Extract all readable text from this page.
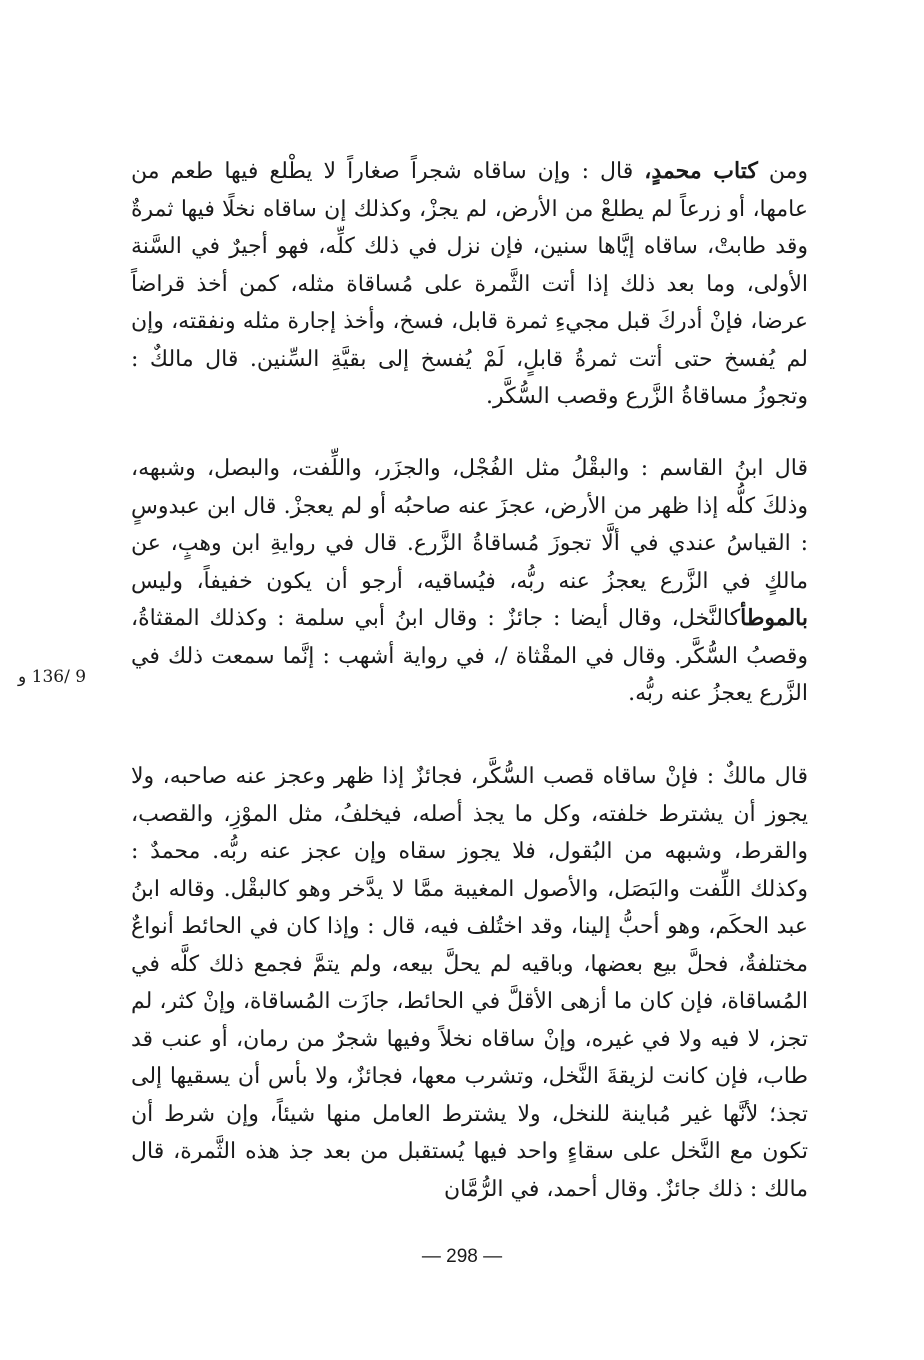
ومن كتاب محمدٍ، قال : وإن ساقاه شجراً صغاراً لا يطْلع فيها طعم من عامها، أو زرعاً لم يطلعْ من الأرض، لم يجزْ، وكذلك إن ساقاه نخلًا فيها ثمرةٌ وقد طابتْ، ساقاه إيَّاها سنين، فإن نزل في ذلك كلِّه، فهو أجيرٌ في السَّنة الأولى، وما بعد ذلك إذا أتت الثَّمرة على مُساقاة مثله، كمن أخذ قراضاً عرضا، فإنْ أدركَ قبل مجيءِ ثمرة قابل، فسخ، وأخذ إجارة مثله ونفقته، وإن لم يُفسخ حتى أتت ثمرةُ قابلٍ، لَمْ يُفسخ إلى بقيَّةِ السِّنين. قال مالكٌ : وتجوزُ مساقاةُ الزَّرع وقصب السُّكَّر.

قال ابنُ القاسم : والبقْلُ مثل الفُجْل، والجزَر، واللِّفت، والبصل، وشبهه، وذلكَ كلُّه إذا ظهر من الأرض، عجزَ عنه صاحبُه أو لم يعجزْ. قال ابن عبدوسٍ : القياسُ عندي في ألَّا تجوزَ مُساقاةُ الزَّرع. قال في روايةِ ابن وهبٍ، عن مالكٍ في الزَّرع يعجزُ عنه ربُّه، فيُساقيه، أرجو أن يكون خفيفاً، وليس بالموطأكالنَّخل، وقال أيضا : جائزٌ : وقال ابنُ أبي سلمة : وكذلك المقثاةُ، وقصبُ السُّكَّر. وقال في المقْثاة /، في رواية أشهب : إنَّما سمعت ذلك في الزَّرع يعجزُ عنه ربُّه.

9 /136 و

قال مالكٌ : فإنْ ساقاه قصب السُّكَّر، فجائزٌ إذا ظهر وعجز عنه صاحبه، ولا يجوز أن يشترط خلفته، وكل ما يجذ أصله، فيخلفُ، مثل الموْزِ، والقصب، والقرط، وشبهه من البُقول، فلا يجوز سقاه وإن عجز عنه ربُّه. محمدٌ : وكذلك اللِّفت والبَصَل، والأصول المغيبة ممَّا لا يدَّخر وهو كالبقْل. وقاله ابنُ عبد الحكَم، وهو أحبُّ إلينا، وقد اختُلف فيه، قال : وإذا كان في الحائط أنواعٌ مختلفةٌ، فحلَّ بيع بعضها، وباقيه لم يحلَّ بيعه، ولم يتمَّ فجمع ذلك كلَّه في المُساقاة، فإن كان ما أزهى الأقلَّ في الحائط، جازَت المُساقاة، وإنْ كثر، لم تجز، لا فيه ولا في غيره، وإنْ ساقاه نخلاً وفيها شجرٌ من رمان، أو عنب قد طاب، فإن كانت لزيقةَ النَّخل، وتشرب معها، فجائزٌ، ولا بأس أن يسقيها إلى تجذ؛ لأنَّها غير مُباينة للنخل، ولا يشترط العامل منها شيئاً، وإن شرط أن تكون مع النَّخل على سقاءٍ واحد فيها يُستقبل من بعد جذ هذه الثَّمرة، قال مالك : ذلك جائزٌ. وقال أحمد، في الرُّمَّان

— 298 —
